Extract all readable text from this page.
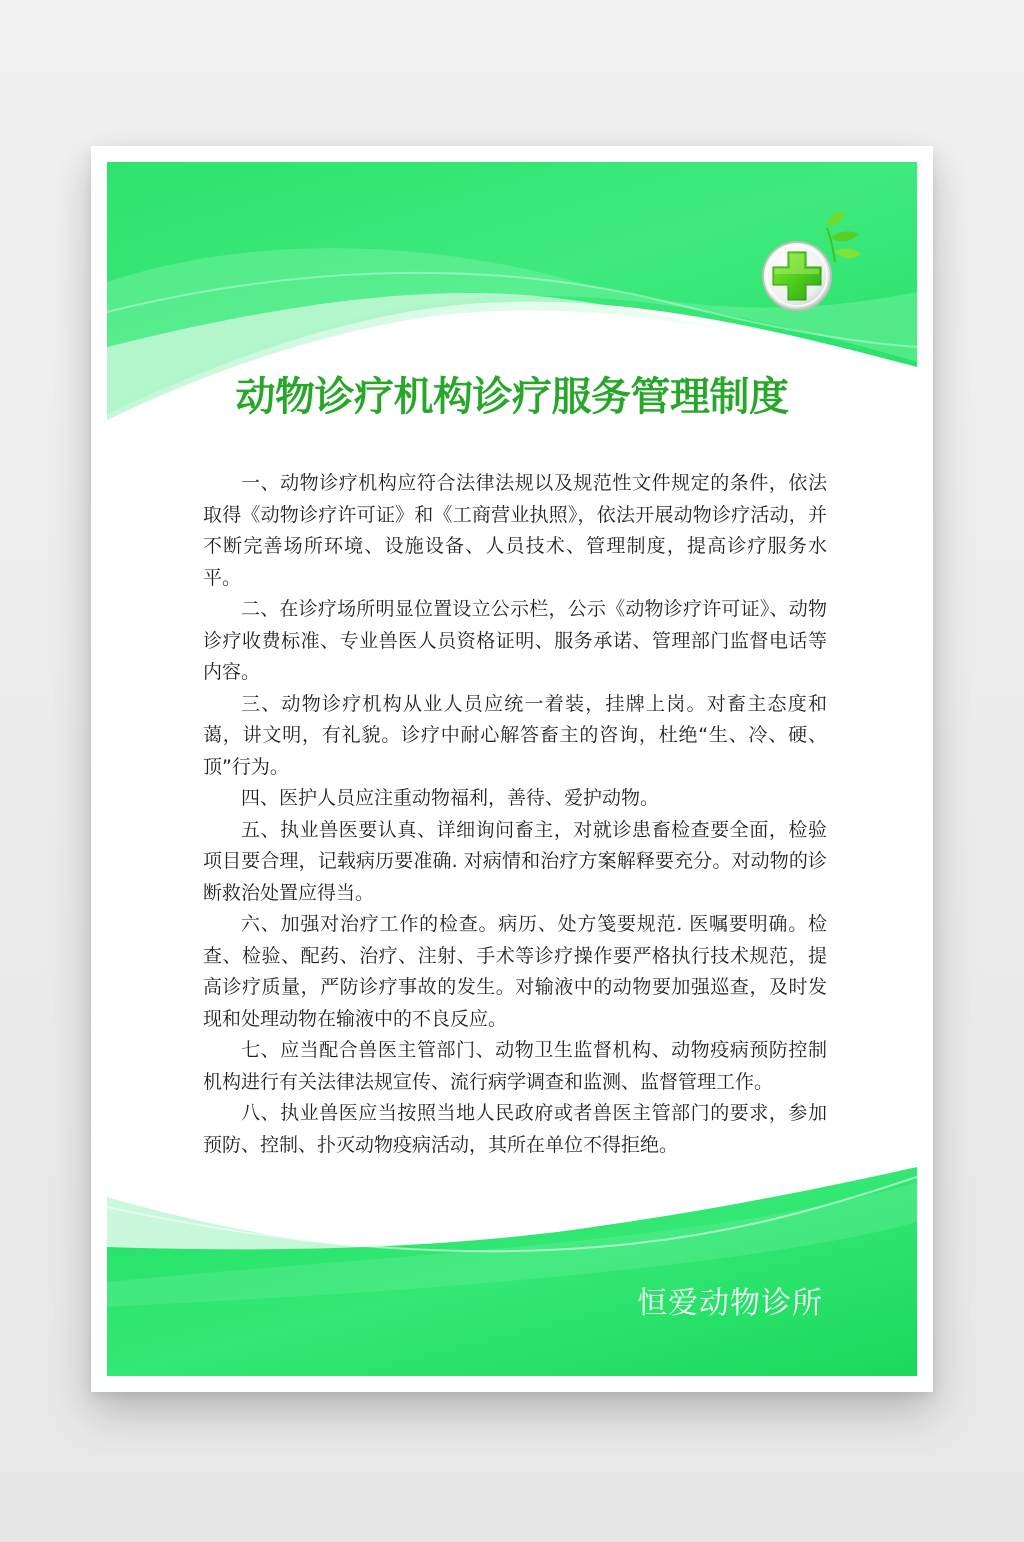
动物诊疗机构诊疗服务管理制度

一、动物诊疗机构应符合法律法规以及规范性文件规定的条件，依法取得《动物诊疗许可证》和《工商营业执照》，依法开展动物诊疗活动，并不断完善场所环境、设施设备、人员技术、管理制度，提高诊疗服务水平。

二、在诊疗场所明显位置设立公示栏，公示《动物诊疗许可证》、动物诊疗收费标准、专业兽医人员资格证明、服务承诺、管理部门监督电话等内容。

三、动物诊疗机构从业人员应统一着装，挂牌上岗。对畜主态度和蔼，讲文明，有礼貌。诊疗中耐心解答畜主的咨询，杜绝“生、冷、硬、顶”行为。

四、医护人员应注重动物福利，善待、爱护动物。

五、执业兽医要认真、详细询问畜主，对就诊患畜检查要全面，检验项目要合理，记载病历要准确. 对病情和治疗方案解释要充分。对动物的诊断救治处置应得当。

六、加强对治疗工作的检查。病历、处方笺要规范. 医嘱要明确。检查、检验、配药、治疗、注射、手术等诊疗操作要严格执行技术规范，提高诊疗质量，严防诊疗事故的发生。对输液中的动物要加强巡查，及时发现和处理动物在输液中的不良反应。

七、应当配合兽医主管部门、动物卫生监督机构、动物疫病预防控制机构进行有关法律法规宣传、流行病学调查和监测、监督管理工作。

八、执业兽医应当按照当地人民政府或者兽医主管部门的要求，参加预防、控制、扑灭动物疫病活动，其所在单位不得拒绝。

恒爱动物诊所
